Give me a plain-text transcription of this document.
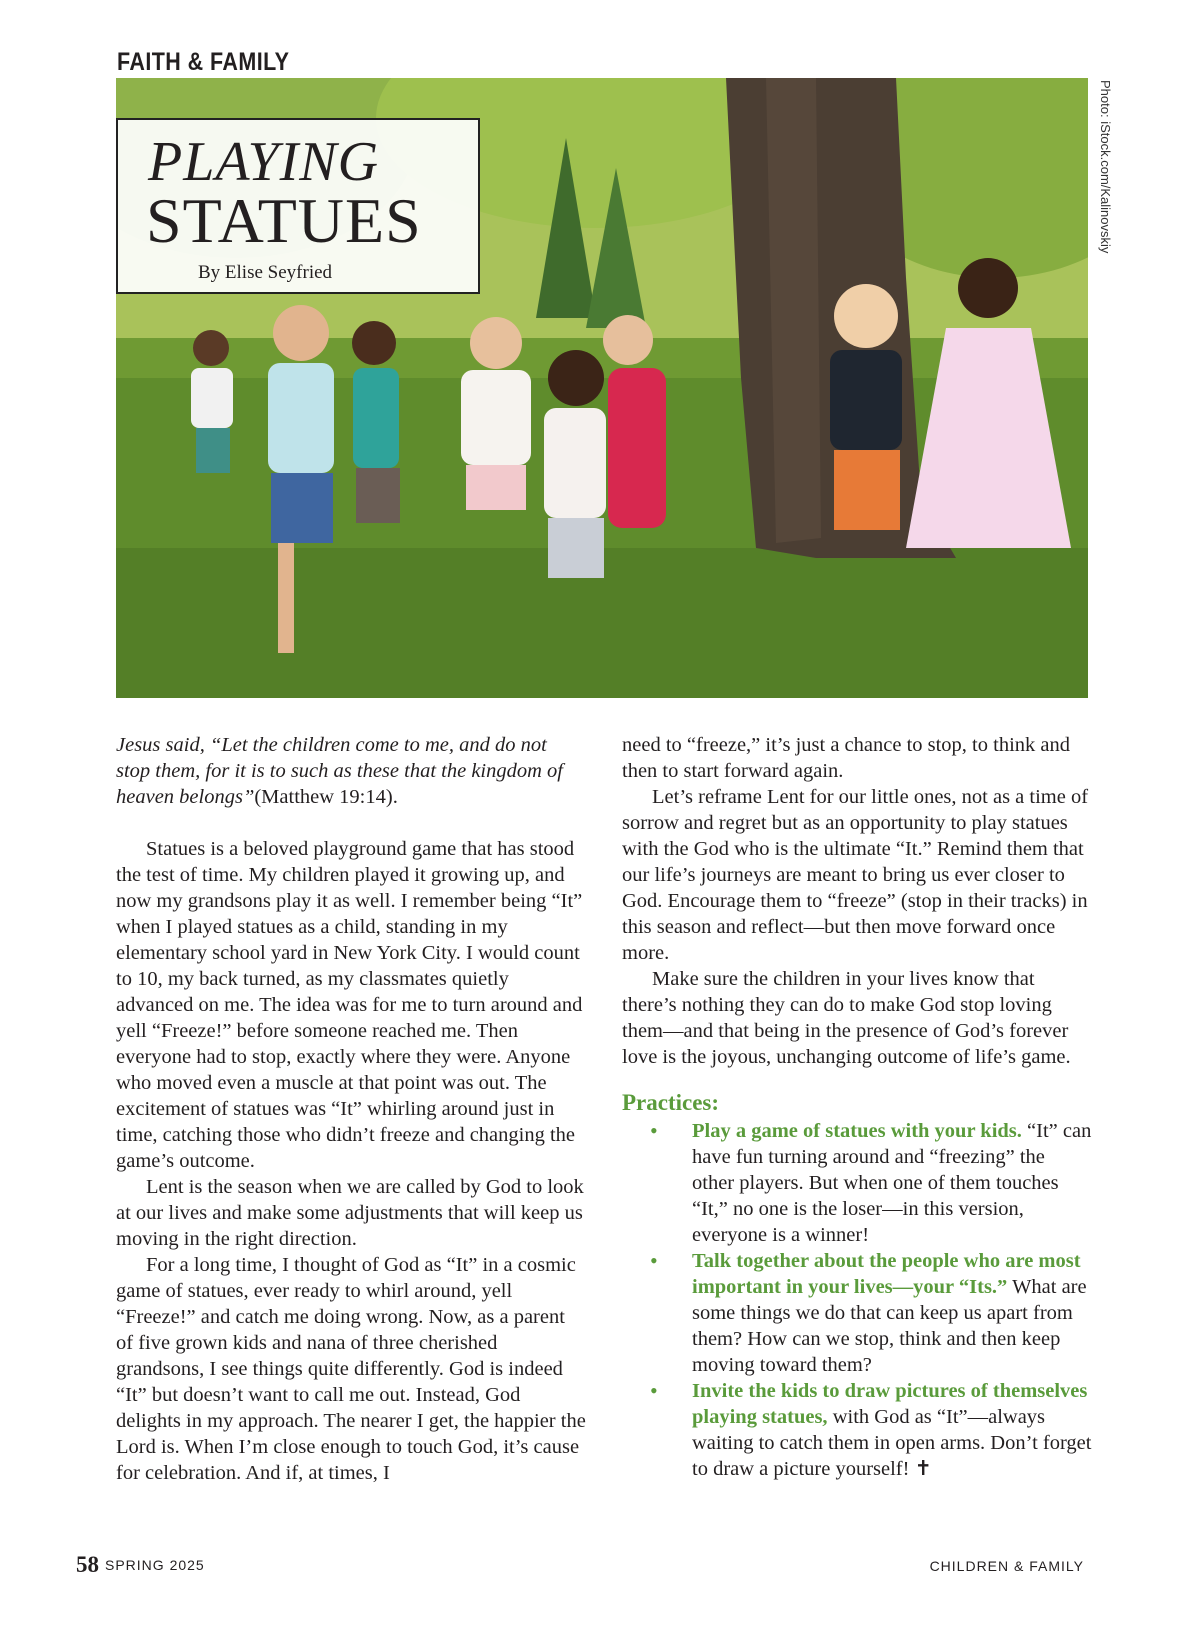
FAITH & FAMILY
Photo: iStock.com/Kalinovskiy
PLAYING
STATUES
By Elise Seyfried

Jesus said, “Let the children come to me, and do not stop them, for it is to such as these that the kingdom of heaven belongs”(Matthew 19:14).

Statues is a beloved playground game that has stood the test of time. My children played it growing up, and now my grandsons play it as well. I remember being “It” when I played statues as a child, standing in my elementary school yard in New York City. I would count to 10, my back turned, as my classmates quietly advanced on me. The idea was for me to turn around and yell “Freeze!” before someone reached me. Then everyone had to stop, exactly where they were. Anyone who moved even a muscle at that point was out. The excitement of statues was “It” whirling around just in time, catching those who didn’t freeze and changing the game’s outcome.

Lent is the season when we are called by God to look at our lives and make some adjustments that will keep us moving in the right direction.

For a long time, I thought of God as “It” in a cosmic game of statues, ever ready to whirl around, yell “Freeze!” and catch me doing wrong. Now, as a parent of five grown kids and nana of three cherished grandsons, I see things quite differently. God is indeed “It” but doesn’t want to call me out. Instead, God delights in my approach. The nearer I get, the happier the Lord is. When I’m close enough to touch God, it’s cause for celebration. And if, at times, I

need to “freeze,” it’s just a chance to stop, to think and then to start forward again.

Let’s reframe Lent for our little ones, not as a time of sorrow and regret but as an opportunity to play statues with the God who is the ultimate “It.” Remind them that our life’s journeys are meant to bring us ever closer to God. Encourage them to “freeze” (stop in their tracks) in this season and reflect—but then move forward once more.

Make sure the children in your lives know that there’s nothing they can do to make God stop loving them—and that being in the presence of God’s forever love is the joyous, unchanging outcome of life’s game.

Practices:
• Play a game of statues with your kids. “It” can have fun turning around and “freezing” the other players. But when one of them touches “It,” no one is the loser—in this version, everyone is a winner!
• Talk together about the people who are most important in your lives—your “Its.” What are some things we do that can keep us apart from them? How can we stop, think and then keep moving toward them?
• Invite the kids to draw pictures of themselves playing statues, with God as “It”—always waiting to catch them in open arms. Don’t forget to draw a picture yourself! ✝
58 SPRING 2025	CHILDREN & FAMILY
